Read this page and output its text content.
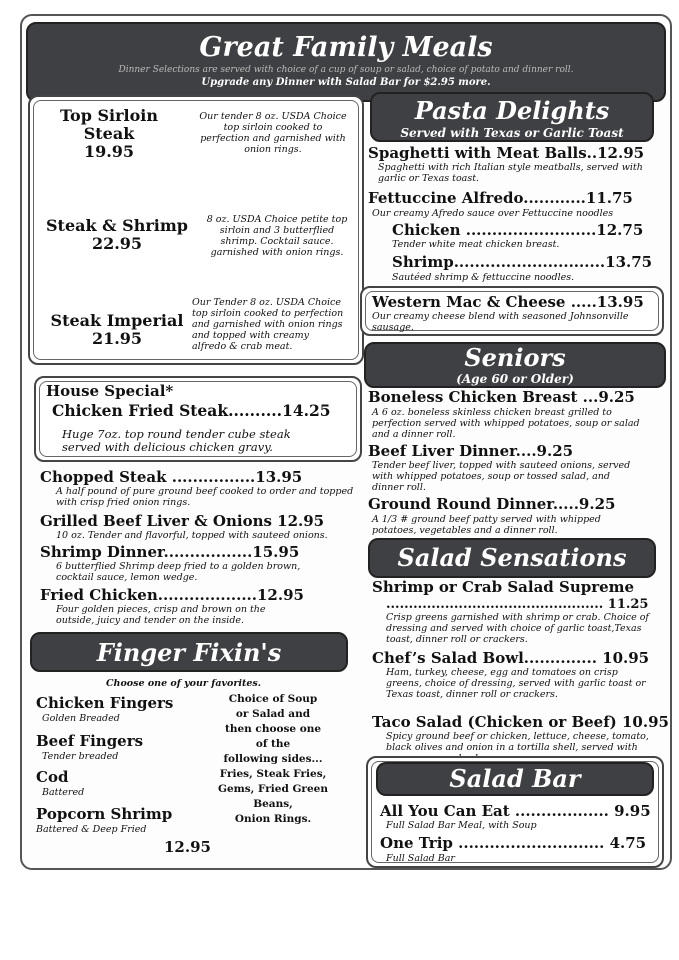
Great Family Meals
Dinner Selections are served with choice of a cup of soup or salad, choice of potato and dinner roll.
Upgrade any Dinner with Salad Bar for $2.95 more.
Top Sirloin
Steak
19.95
Our tender 8 oz. USDA Choice top sirloin cooked to perfection and garnished with onion rings.
Steak & Shrimp
22.95
8 oz. USDA Choice petite top sirloin and 3 butterflied shrimp. Cocktail sauce. garnished with onion rings.
Steak Imperial
21.95
Our Tender 8 oz. USDA Choice top sirloin cooked to perfection and garnished with onion rings and topped with creamy alfredo & crab meat.
House Special*
Chicken Fried Steak..........14.25
Huge 7oz. top round tender cube steak served with delicious chicken gravy.
Chopped Steak ................13.95
A half pound of pure ground beef cooked to order and topped with crisp fried onion rings.
Grilled Beef Liver & Onions 12.95
10 oz. Tender and flavorful, topped with sauteed onions.
Shrimp Dinner.................15.95
6 butterflied Shrimp deep fried to a golden brown, cocktail sauce, lemon wedge.
Fried Chicken...................12.95
Four golden pieces, crisp and brown on the outside, juicy and tender on the inside.
Finger Fixin's
Choose one of your favorites.
Chicken Fingers
Golden Breaded
Beef Fingers
Tender breaded
Cod
Battered
Popcorn Shrimp
Battered & Deep Fried
Choice of Soup
or Salad and
then choose one
of the
following sides...
Fries, Steak Fries,
Gems, Fried Green
Beans,
Onion Rings.
12.95
Pasta Delights
Served with Texas or Garlic Toast
Spaghetti with Meat Balls..12.95
Spaghetti with rich Italian style meatballs, served with garlic or Texas toast.
Fettuccine Alfredo............11.75
Our creamy Afredo sauce over Fettuccine noodles
Chicken .........................12.75
Tender white meat chicken breast.
Shrimp.............................13.75
Sautéed shrimp & fettuccine noodles.
Western Mac & Cheese .....13.95
Our creamy cheese blend with seasoned Johnsonville sausage.
Seniors
(Age 60 or Older)
Boneless Chicken Breast ...9.25
A 6 oz. boneless skinless chicken breast grilled to perfection served with whipped potatoes, soup or salad and a dinner roll.
Beef Liver Dinner....9.25
Tender beef liver, topped with sauteed onions, served with whipped potatoes, soup or tossed salad, and dinner roll.
Ground Round Dinner.....9.25
A 1/3 # ground beef patty served with whipped potatoes, vegetables and a dinner roll.
Salad Sensations
Shrimp or Crab Salad Supreme
................................................ 11.25
Crisp greens garnished with shrimp or crab. Choice of dressing and served with choice of garlic toast,Texas toast, dinner roll or crackers.
Chef’s Salad Bowl.............. 10.95
Ham, turkey, cheese, egg and tomatoes on crisp greens, choice of dressing, served with garlic toast or Texas toast, dinner roll or crackers.
Taco Salad (Chicken or Beef) 10.95
Spicy ground beef or chicken, lettuce, cheese, tomato, black olives and onion in a tortilla shell, served with
Salad Bar
All You Can Eat .................. 9.95
Full Salad Bar Meal, with Soup
One Trip ............................ 4.75
Full Salad Bar
